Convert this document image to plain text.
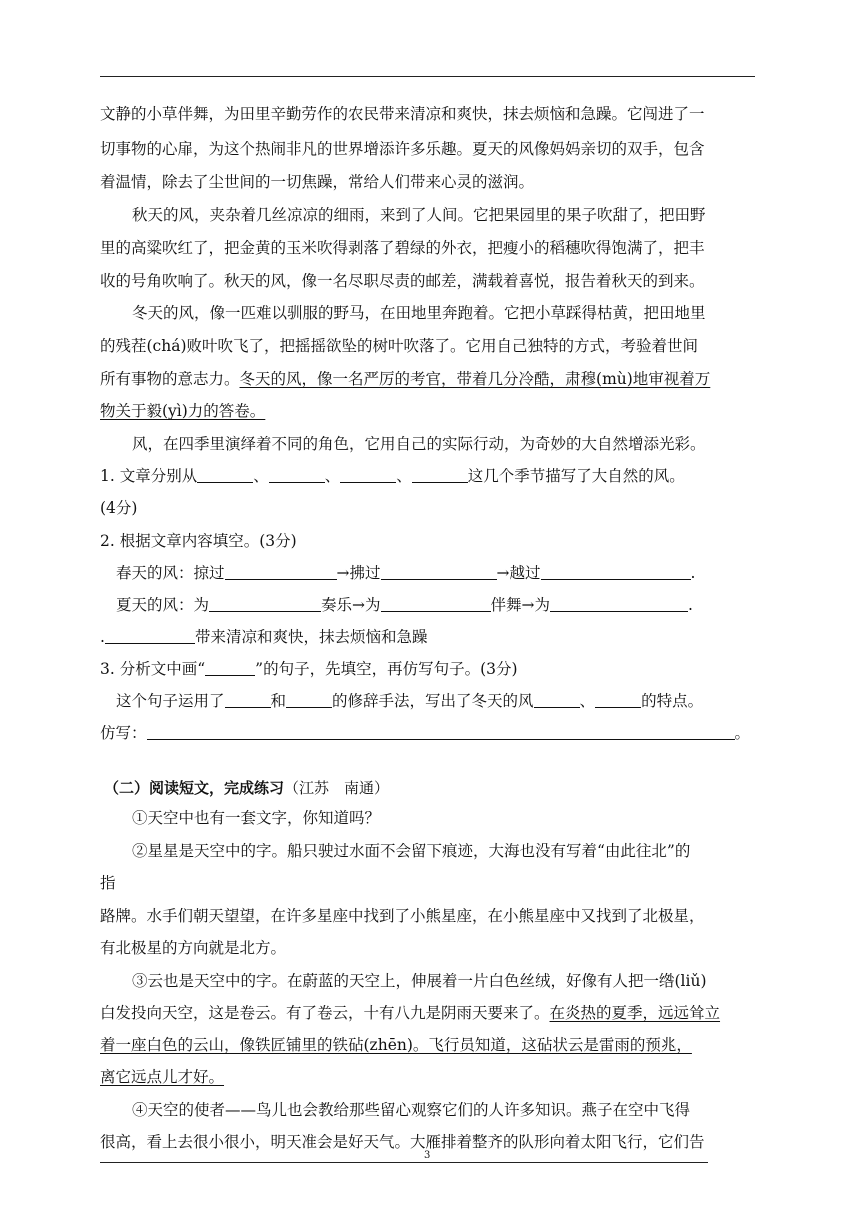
文静的小草伴舞，为田里辛勤劳作的农民带来清凉和爽快，抹去烦恼和急躁。它闯进了一
切事物的心扉，为这个热闹非凡的世界增添许多乐趣。夏天的风像妈妈亲切的双手，包含
着温情，除去了尘世间的一切焦躁，常给人们带来心灵的滋润。
秋天的风，夹杂着几丝凉凉的细雨，来到了人间。它把果园里的果子吹甜了，把田野
里的高粱吹红了，把金黄的玉米吹得剥落了碧绿的外衣，把瘦小的稻穗吹得饱满了，把丰
收的号角吹响了。秋天的风，像一名尽职尽责的邮差，满载着喜悦，报告着秋天的到来。
冬天的风，像一匹难以驯服的野马，在田地里奔跑着。它把小草踩得枯黄，把田地里
的残茬(chá)败叶吹飞了，把摇摇欲坠的树叶吹落了。它用自己独特的方式，考验着世间
所有事物的意志力。冬天的风，像一名严厉的考官，带着几分冷酷，肃穆(mù)地审视着万
物关于毅(yì)力的答卷。
风，在四季里演绎着不同的角色，它用自己的实际行动，为奇妙的大自然增添光彩。
1. 文章分别从	、	、	、	这几个季节描写了大自然的风。
(4分)
2. 根据文章内容填空。(3分)
春天的风：掠过	→拂过	→越过	.
夏天的风：为	奏乐→为	伴舞→为	.
.	带来清凉和爽快，抹去烦恼和急躁
3. 分析文中画“	”的句子，先填空，再仿写句子。(3分)
这个句子运用了	和	的修辞手法，写出了冬天的风	、	的特点。
仿写：	。
（二）阅读短文，完成练习（江苏　南通）
①天空中也有一套文字，你知道吗？
②星星是天空中的字。船只驶过水面不会留下痕迹，大海也没有写着“由此往北”的
指
路牌。水手们朝天望望，在许多星座中找到了小熊星座，在小熊星座中又找到了北极星，
有北极星的方向就是北方。
③云也是天空中的字。在蔚蓝的天空上，伸展着一片白色丝绒，好像有人把一绺(liǔ)
白发投向天空，这是卷云。有了卷云，十有八九是阴雨天要来了。在炎热的夏季，远远耸立
着一座白色的云山，像铁匠铺里的铁砧(zhēn)。飞行员知道，这砧状云是雷雨的预兆，
离它远点儿才好。
④天空的使者——鸟儿也会教给那些留心观察它们的人许多知识。燕子在空中飞得
很高，看上去很小很小，明天准会是好天气。大雁排着整齐的队形向着太阳飞行，它们告
3
